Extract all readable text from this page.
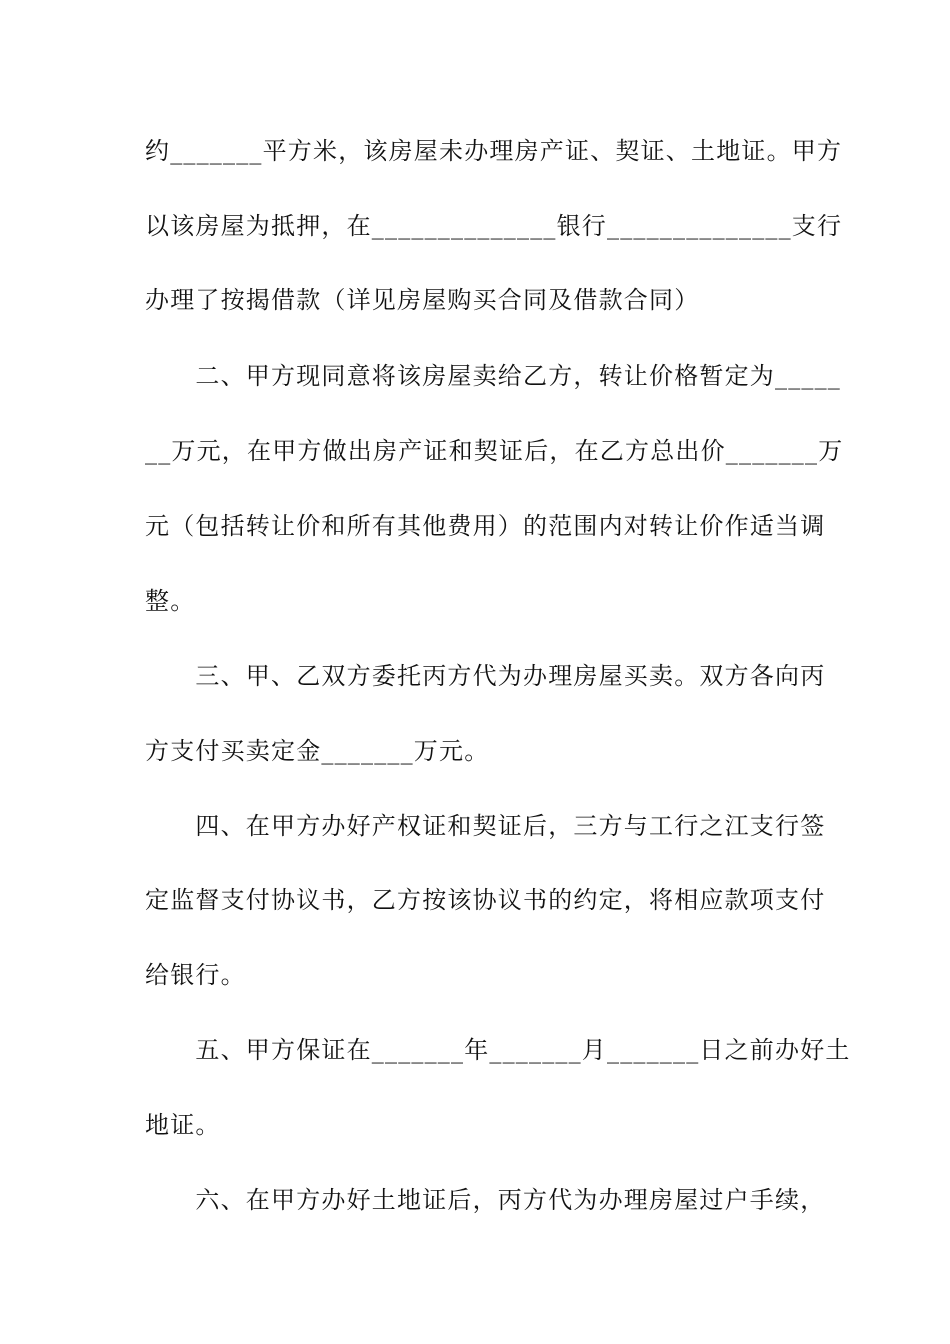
约_______平方米，该房屋未办理房产证、契证、土地证。甲方
以该房屋为抵押，在______________银行______________支行
办理了按揭借款（详见房屋购买合同及借款合同）
　　二、甲方现同意将该房屋卖给乙方，转让价格暂定为_____
__万元，在甲方做出房产证和契证后，在乙方总出价_______万
元（包括转让价和所有其他费用）的范围内对转让价作适当调
整。
　　三、甲、乙双方委托丙方代为办理房屋买卖。双方各向丙
方支付买卖定金_______万元。
　　四、在甲方办好产权证和契证后，三方与工行之江支行签
定监督支付协议书，乙方按该协议书的约定，将相应款项支付
给银行。
　　五、甲方保证在_______年_______月_______日之前办好土
地证。
　　六、在甲方办好土地证后，丙方代为办理房屋过户手续，
